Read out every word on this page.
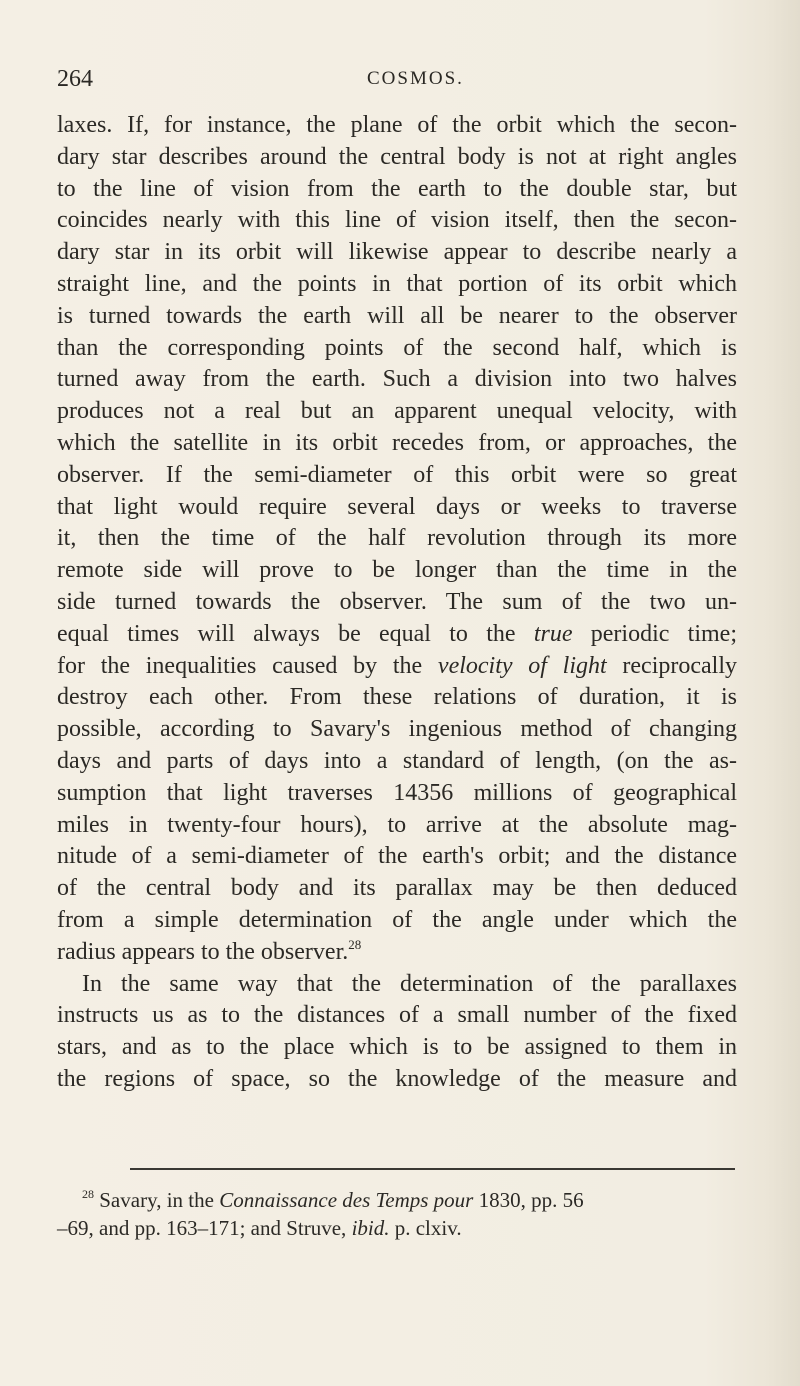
264	COSMOS.
laxes. If, for instance, the plane of the orbit which the secon-
dary star describes around the central body is not at right angles
to the line of vision from the earth to the double star, but
coincides nearly with this line of vision itself, then the secon-
dary star in its orbit will likewise appear to describe nearly a
straight line, and the points in that portion of its orbit which
is turned towards the earth will all be nearer to the observer
than the corresponding points of the second half, which is
turned away from the earth. Such a division into two halves
produces not a real but an apparent unequal velocity, with
which the satellite in its orbit recedes from, or approaches, the
observer. If the semi-diameter of this orbit were so great
that light would require several days or weeks to traverse
it, then the time of the half revolution through its more
remote side will prove to be longer than the time in the
side turned towards the observer. The sum of the two un-
equal times will always be equal to the true periodic time;
for the inequalities caused by the velocity of light reciprocally
destroy each other. From these relations of duration, it is
possible, according to Savary's ingenious method of changing
days and parts of days into a standard of length, (on the as-
sumption that light traverses 14356 millions of geographical
miles in twenty-four hours), to arrive at the absolute mag-
nitude of a semi-diameter of the earth's orbit; and the distance
of the central body and its parallax may be then deduced
from a simple determination of the angle under which the
radius appears to the observer.$^{28}$
In the same way that the determination of the parallaxes
instructs us as to the distances of a small number of the fixed
stars, and as to the place which is to be assigned to them in
the regions of space, so the knowledge of the measure and
$^{28}$ Savary, in the Connaissance des Temps pour 1830, pp. 56
–69, and pp. 163–171; and Struve, ibid. p. clxiv.
